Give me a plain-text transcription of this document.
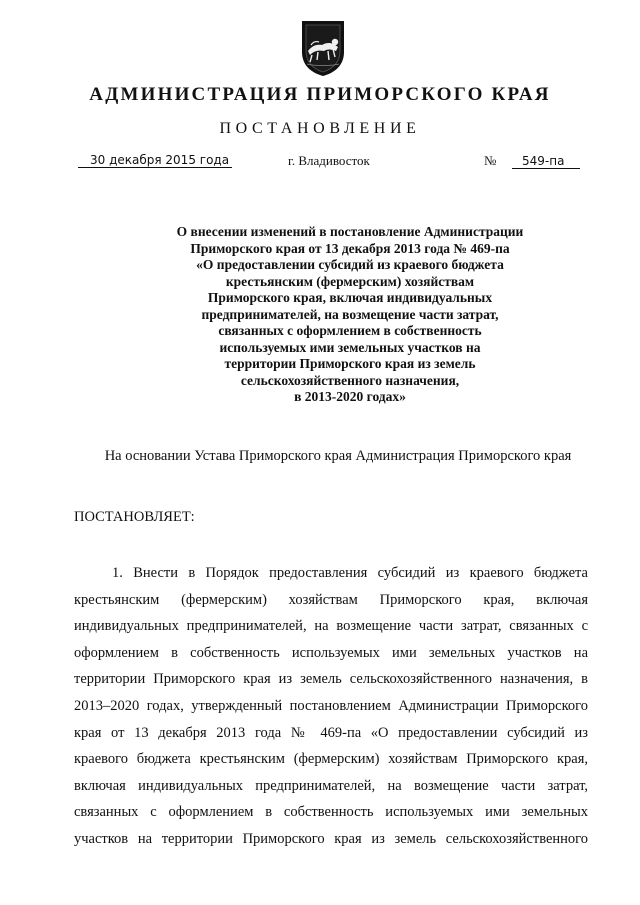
АДМИНИСТРАЦИЯ ПРИМОРСКОГО КРАЯ
ПОСТАНОВЛЕНИЕ
30 декабря 2015 года	г. Владивосток	№ 549-па
О внесении изменений в постановление Администрации
Приморского края от 13 декабря 2013 года № 469-па
«О предоставлении субсидий из краевого бюджета
крестьянским (фермерским) хозяйствам
Приморского края, включая индивидуальных
предпринимателей, на возмещение части затрат,
связанных с оформлением в собственность
используемых ими земельных участков на
территории Приморского края из земель
сельскохозяйственного назначения,
в 2013-2020 годах»
На основании Устава Приморского края Администрация Приморского края
ПОСТАНОВЛЯЕТ:
1. Внести в Порядок предоставления субсидий из краевого бюджета
крестьянским (фермерским) хозяйствам Приморского края, включая
индивидуальных предпринимателей, на возмещение части затрат, связанных с
оформлением в собственность используемых ими земельных участков на
территории Приморского края из земель сельскохозяйственного назначения, в
2013–2020 годах, утвержденный постановлением Администрации Приморского
края от 13 декабря 2013 года № 469-па «О предоставлении субсидий из
краевого бюджета крестьянским (фермерским) хозяйствам Приморского края,
включая индивидуальных предпринимателей, на возмещение части затрат,
связанных с оформлением в собственность используемых ими земельных
участков на территории Приморского края из земель сельскохозяйственного
